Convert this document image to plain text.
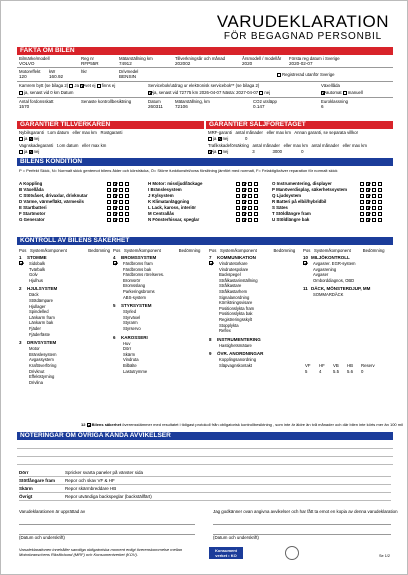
VARUDEKLARATION
FÖR BEGAGNAD PERSONBIL
FAKTA OM BILEN
Bilmärke/modell
VOLVO
Reg nr
RFP55R
Mätarställning km
74912
Tillverkningsår och månad
202002
Årsmodell / modellår
2020
Första reg datum i Sverige
2020-02-07
Motoreffekt
120
kW
160.92
hkr	Drivmedel
BENSIN	Registrerad utanför Sverige
Kamrem bytt (se bilaga 2) Ja vet ej finns ej	Servicebok/utdrag ur elektronisk servicebok** (se bilaga 2)	Växellåda
ja, senast vid 0 km Datum	ja, senast vid 72775 km 2026-04-07 Nästa: 2027-04-07 nej	automat manuell
Antal fordonsskatt
1570
Senaste kontrollbesiktning	Datum
260311
Mätarställning, km
72106
CO2 utsläpp
0.147
Euroklassning
6
GARANTIER TILLVERKAREN	GARANTIER SÄLJFÖRETAGET
Nybilsgaranti t.om datum eller max km Rostgaranti
ja nej
Vagnskadegaranti t.om datum eller max km
ja nej
MRF-garanti antal månader eller max km Annan garanti, se separata villkor
ja nej	0
Trafikskadeförsäkring antal månader eller max km antal månader eller max km
ja nej	3	3000	0
BILENS KONDITION
P = Perfekt Skick, N= Normalt skick gentemot bilens ålder och körsträcka, Ö= Större funktionsfel/ovss förslitning jämfört med normalt, F= Felaktig/kräver reparation för normalt skick
A Koppling
B Växellåda
C Stötvåset, drivaxlar, drivknutar
D Värme, värmefläkt, värmesils
E Startbatteri
F Startmotor
G Generator
H Motor: missljud/läckage
I Bränslesystem
J Kylsystem
K Klimatanläggning
L Lack, kaross, interiör
M Centrallås
N Fönsterhissar, speglar
O Instrumentering, displayer
P Manöverdisplay, säkerhetssystem
Q Ljudsystem
R Batteri på elbil/hybridbil
S Sätes
T Stöldlängre fram
U Stöldlängre bak
KONTROLL AV BILENS SÄKERHET
Pos System/komponent	Bedömning Pos System/komponent	Bedömning Pos System/komponent	Bedömning Pos System/komponent	Bedömning
1 STOMME
Sidobalk
Tvärbalk
Golv
Hjulhus
2 HJULSYSTEM
Däck
Stötdämpare
Hjullager
Spindelled
Länkarm fram
Länkarm bak
Fjäder
Fjäderfäste
3 DRIVSYSTEM
Motor
Bränslesystem
Avgassystem
Kraftöverföring
Drivknut
Effektstyrning
Drivlina
4 BROMSSYSTEM
Färdbroms fram
Färdbroms bak
Färdbroms rörelseres.
Bromsrör
Bromsslang
Parkeringsbroms
ABS-system
5 STYRSYSTEM
Styrled
Styrväxel
Styrarm
Styrservo
6 KAROSSERI
Huv
Dörr
Skärm
Vindruta
Bilbälte
Lastutrymme
7 KOMMUNIKATION
Vindrutetorkare
Vindrutespolare
Backspegel
Strålkastarinställning
Strålkastare
Strålkastarhem
Signalanordning
Körriktningsvisare
Positionslykta fram
Positionslykta bak
Registreringsskylt
Stopplykta
Reflex
8 INSTRUMENTERING
Hastighetsmätare
9 ÖVR. ANORDNINGAR
Kopplingsanordning
Släpvagnskontakt
10 MILJÖKONTROLL
Avgasrer. EGR-system
Avgasrening
Avgaser
Omborddiagnos, OBD
11 DÄCK, MÖNSTERDJUP, MM
SOMMARDÄCK
VF HF VB HB Reserv
5	4	5.5 5.6 0
12 Bilens säkerhet överensstämmer med resultatet i tidigast protokoll från obligatorisk kontrollbesiktning , som inte är äldre än två månader och där bilen inte körts mer än 100 mil
NOTERINGAR OM ÖVRIGA KÄNDA AVVIKELSER
Dörr	Spricker svarta paneler på vänster sida
Stötfångare fram Repor och skav VF & HF
Skärm	Repor skärmbreddare HB
Övrigt	Repor utvändiga backspeglar (backställfärt)
Varudeklarationen är upprättad av	Jag godkänner ovan angivna avvikelser och har fått ta emot en kopia av denna varudeklaration
(Datum och underskrift)	(Datum och underskrift)
Varudeklarationen innehåller samtliga obligatoriska moment enligt överenskommelse mellan Motorbranschens Riksförbund (MRF) och Konsumentverket (KOV).
Konsument verket • KO	Se 1/2
